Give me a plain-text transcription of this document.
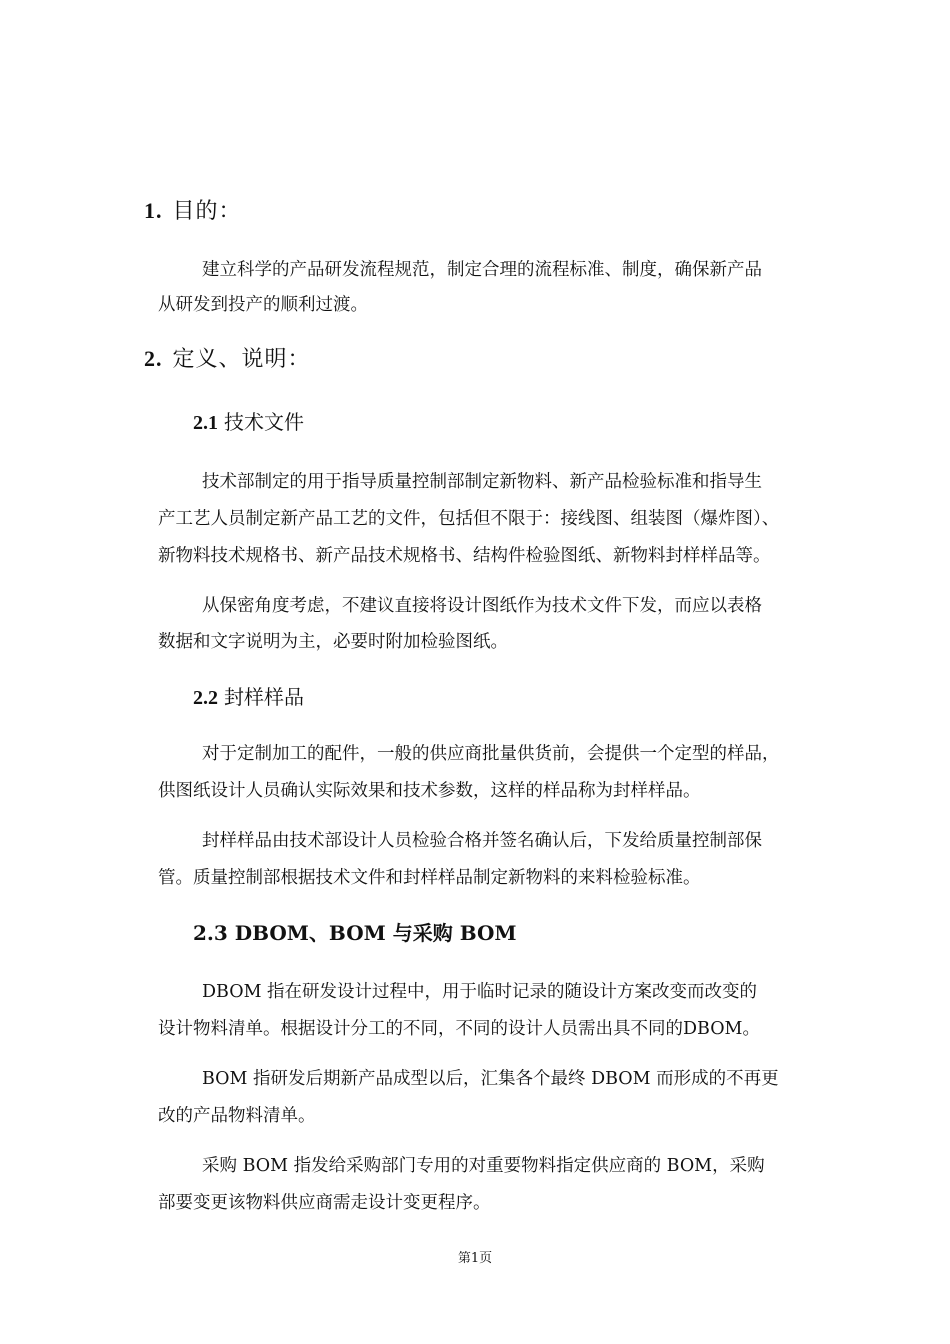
1. 目的：
建立科学的产品研发流程规范，制定合理的流程标准、制度，确保新产品
从研发到投产的顺利过渡。
2. 定义、说明：
2.1 技术文件
技术部制定的用于指导质量控制部制定新物料、新产品检验标准和指导生
产工艺人员制定新产品工艺的文件，包括但不限于：接线图、组装图（爆炸图）、
新物料技术规格书、新产品技术规格书、结构件检验图纸、新物料封样样品等。
从保密角度考虑，不建议直接将设计图纸作为技术文件下发，而应以表格
数据和文字说明为主，必要时附加检验图纸。
2.2 封样样品
对于定制加工的配件，一般的供应商批量供货前，会提供一个定型的样品，
供图纸设计人员确认实际效果和技术参数，这样的样品称为封样样品。
封样样品由技术部设计人员检验合格并签名确认后，下发给质量控制部保
管。质量控制部根据技术文件和封样样品制定新物料的来料检验标准。
2.3 DBOM、BOM 与采购 BOM
DBOM 指在研发设计过程中，用于临时记录的随设计方案改变而改变的
设计物料清单。根据设计分工的不同，不同的设计人员需出具不同的DBOM。
BOM 指研发后期新产品成型以后，汇集各个最终 DBOM 而形成的不再更
改的产品物料清单。
采购 BOM 指发给采购部门专用的对重要物料指定供应商的 BOM，采购
部要变更该物料供应商需走设计变更程序。
第1页
